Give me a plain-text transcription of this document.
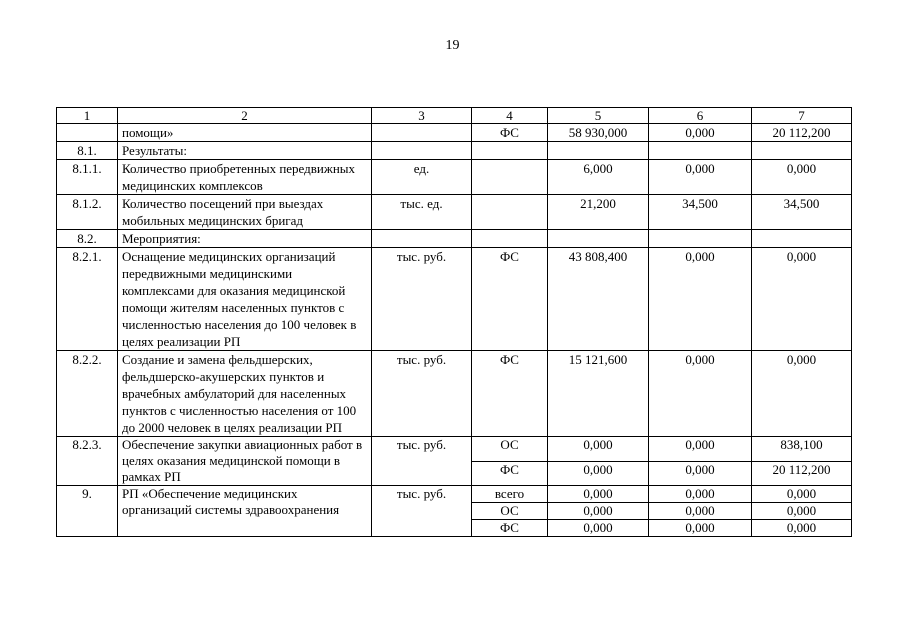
19
1	2	3	4	5	6	7
	помощи»		ФС	58 930,000	0,000	20 112,200
8.1.	Результаты:					
8.1.1.	Количество приобретенных передвижных медицинских комплексов	ед.		6,000	0,000	0,000
8.1.2.	Количество посещений при выездах мобильных медицинских бригад	тыс. ед.		21,200	34,500	34,500
8.2.	Мероприятия:					
8.2.1.	Оснащение медицинских организаций передвижными медицинскими комплексами для оказания медицинской помощи жителям населенных пунктов с численностью населения до 100 человек в целях реализации РП	тыс. руб.	ФС	43 808,400	0,000	0,000
8.2.2.	Создание и замена фельдшерских, фельдшерско-акушерских пунктов и врачебных амбулаторий для населенных пунктов с численностью населения от 100 до 2000 человек в целях реализации РП	тыс. руб.	ФС	15 121,600	0,000	0,000
8.2.3.	Обеспечение закупки авиационных работ в целях оказания медицинской помощи в рамках РП	тыс. руб.	ОС	0,000	0,000	838,100
			ФС	0,000	0,000	20 112,200
9.	РП «Обеспечение медицинских организаций системы здравоохранения	тыс. руб.	всего	0,000	0,000	0,000
			ОС	0,000	0,000	0,000
			ФС	0,000	0,000	0,000
